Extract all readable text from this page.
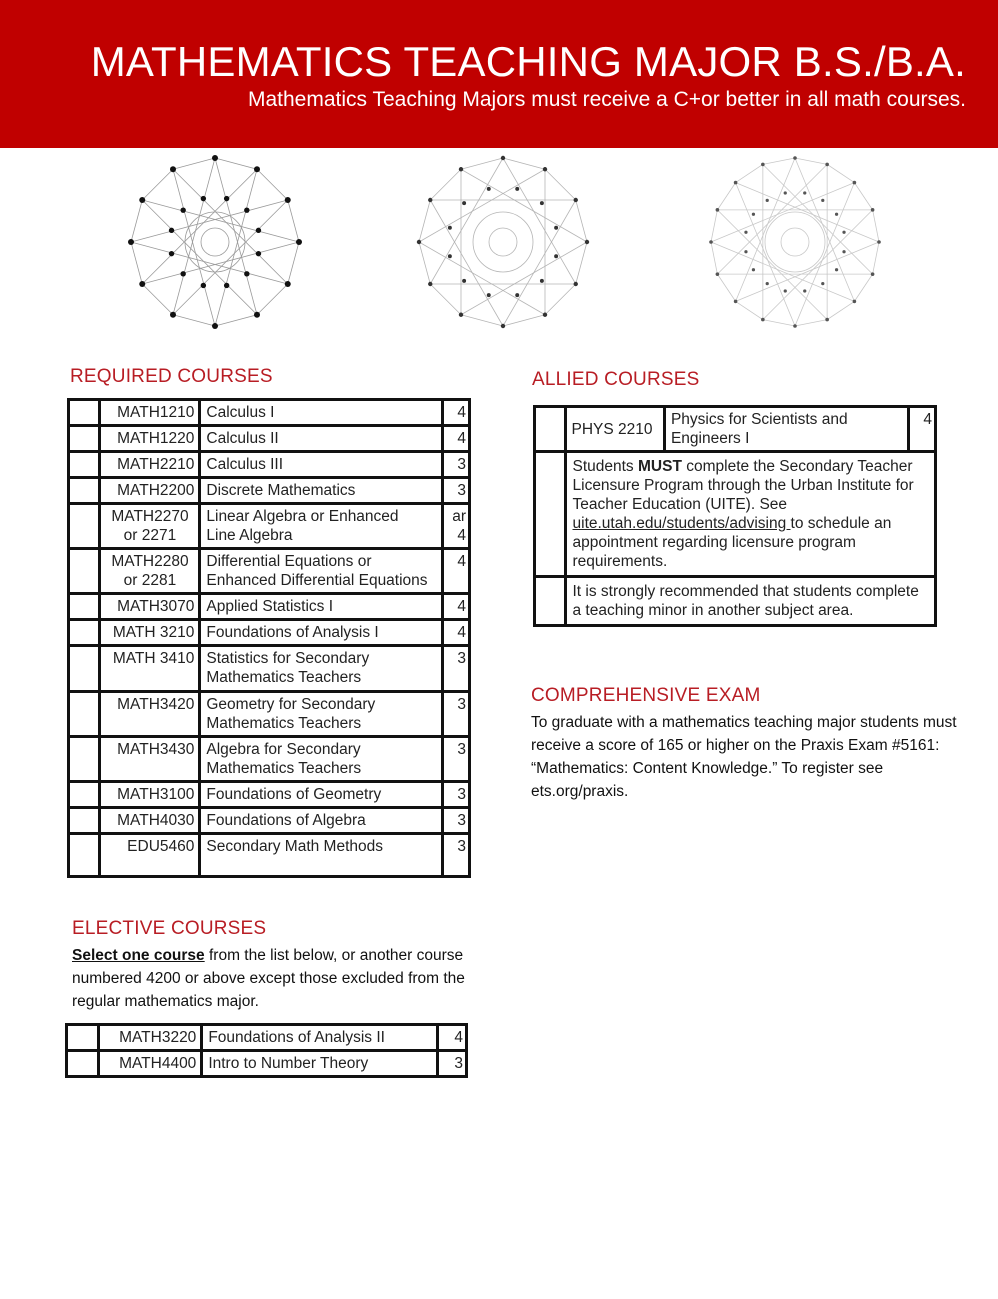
MATHEMATICS TEACHING MAJOR B.S./B.A.
Mathematics Teaching Majors must receive a C+or better in all math courses.
REQUIRED COURSES
	MATH1210	Calculus I	4
	MATH1220	Calculus II	4
	MATH2210	Calculus III	3
	MATH2200	Discrete Mathematics	3
	MATH2270
or 2271	Linear Algebra or Enhanced
Line Algebra	ar
4
	MATH2280
or 2281	Differential Equations or
Enhanced Differential Equations	4
	MATH3070	Applied Statistics I	4
	MATH 3210	Foundations of Analysis I	4
	MATH 3410	Statistics for Secondary
Mathematics Teachers	3
	MATH3420	Geometry for Secondary
Mathematics Teachers	3
	MATH3430	Algebra for Secondary
Mathematics Teachers	3
	MATH3100	Foundations of Geometry	3
	MATH4030	Foundations of Algebra	3
	EDU5460	Secondary Math Methods	3
ELECTIVE COURSES
Select one course from the list below, or another course numbered 4200 or above except those excluded from the regular mathematics major.
	MATH3220	Foundations of Analysis II	4
	MATH4400	Intro to Number Theory	3
ALLIED COURSES
	PHYS 2210	Physics for Scientists and
Engineers I	4
	Students MUST complete the Secondary Teacher Licensure Program through the Urban Institute for Teacher Education (UITE). See uite.utah.edu/students/advising to schedule an appointment regarding licensure program requirements.		
	It is strongly recommended that students complete a teaching minor in another subject area.		
COMPREHENSIVE EXAM
To graduate with a mathematics teaching major students must receive a score of 165 or higher on the Praxis Exam #5161: “Mathematics: Content Knowledge.” To register see ets.org/praxis.
